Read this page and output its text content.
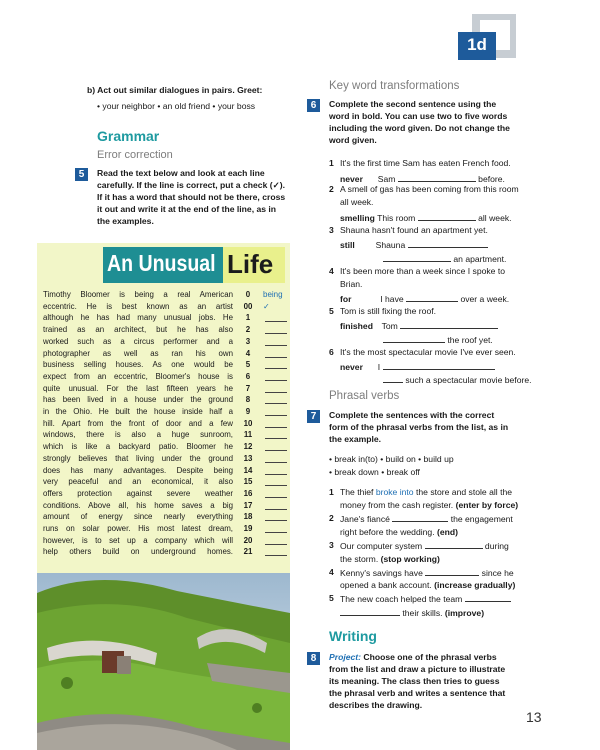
1d
b) Act out similar dialogues in pairs. Greet:
• your neighbor • an old friend • your boss
Grammar
Error correction
5	Read the text below and look at each line
carefully. If the line is correct, put a check (✓).
If it has a word that should not be there, cross
it out and write it at the end of the line, as in
the examples.
An Unusual Life
Timothy Bloomer is being a real American	0	being
eccentric. He is best known as an artist	00	✓
although he has had many unusual jobs. He	1
trained as an architect, but he has also	2
worked such as a circus performer and a	3
photographer as well as ran his own	4
business selling houses. As one would be	5
expect from an eccentric, Bloomer's house is	6
quite unusual. For the last fifteen years he	7
has been lived in a house under the ground	8
in the Ohio. He built the house inside half a	9
hill. Apart from the front of door and a few	10
windows, there is also a huge sunroom,	11
which is like a backyard patio. Bloomer he	12
strongly believes that living under the ground	13
does has many advantages. Despite being	14
very peaceful and an economical, it also	15
offers protection against severe weather	16
conditions. Above all, his home saves a big	17
amount of energy since nearly everything	18
runs on solar power. His most latest dream,	19
however, is to set up a company which will	20
help others build on underground homes.	21
Key word transformations
6	Complete the second sentence using the
word in bold. You can use two to five words
including the word given. Do not change the
word given.
1 It's the first time Sam has eaten French food.
never Sam	before.
2 A smell of gas has been coming from this room
all week.
smelling This room	all week.
3 Shauna hasn't found an apartment yet.
still Shauna
an apartment.
4 It's been more than a week since I spoke to
Brian.
for	I have	over a week.
5 Tom is still fixing the roof.
finished Tom
the roof yet.
6 It's the most spectacular movie I've ever seen.
never I
such a spectacular movie before.
Phrasal verbs
7	Complete the sentences with the correct
form of the phrasal verbs from the list, as in
the example.
• break in(to) • build on • build up
• break down • break off
1 The thief broke into the store and stole all the
money from the cash register. (enter by force)
2 Jane's fiancé	the engagement
right before the wedding. (end)
3 Our computer system	during
the storm. (stop working)
4 Kenny's savings have	since he
opened a bank account. (increase gradually)
5 The new coach helped the team
their skills. (improve)
Writing
8	Project: Choose one of the phrasal verbs
from the list and draw a picture to illustrate
its meaning. The class then tries to guess
the phrasal verb and writes a sentence that
describes the drawing.
13
